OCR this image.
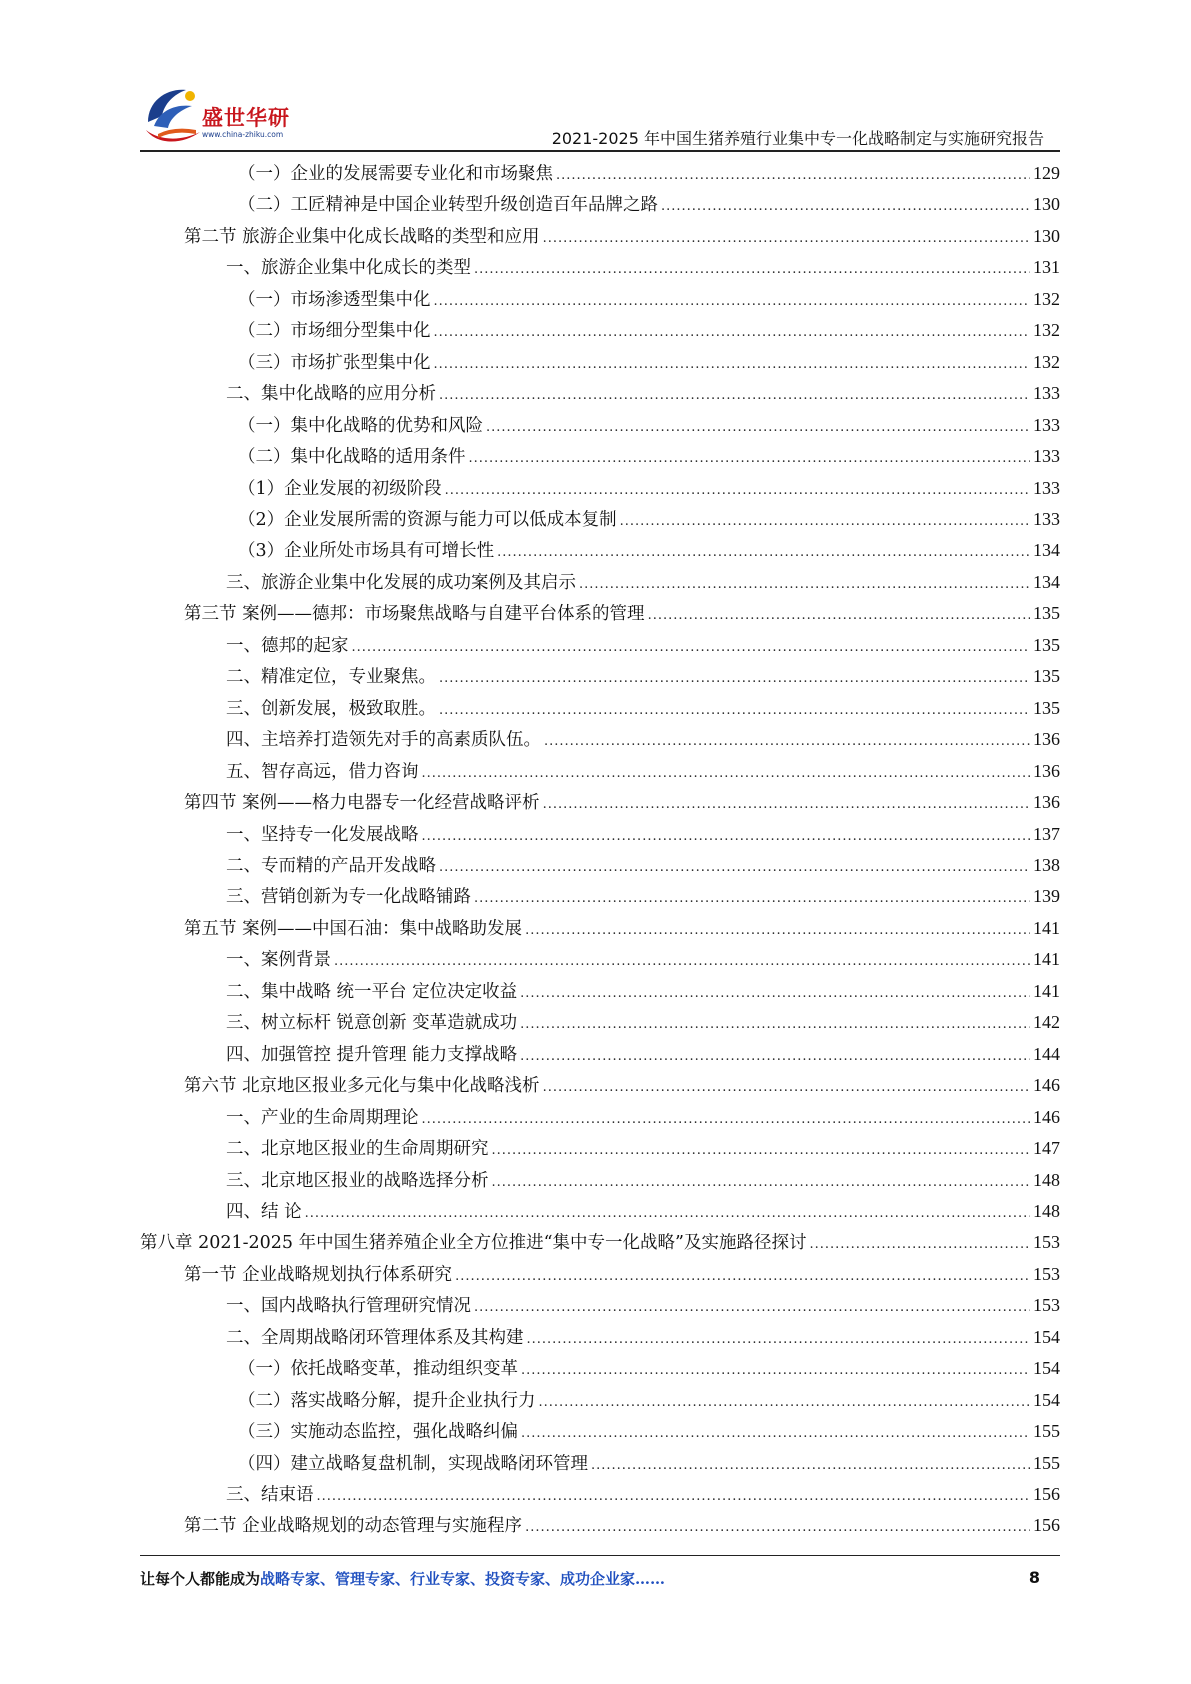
盛世华研
www.china-zhiku.com	2021-2025 年中国生猪养殖行业集中专一化战略制定与实施研究报告
（一）企业的发展需要专业化和市场聚焦 .....	129
（二）工匠精神是中国企业转型升级创造百年品牌之路 .....	130
第二节 旅游企业集中化成长战略的类型和应用 .....	130
一、旅游企业集中化成长的类型 .....	131
（一）市场渗透型集中化 .....	132
（二）市场细分型集中化 .....	132
（三）市场扩张型集中化 .....	132
二、集中化战略的应用分析 .....	133
（一）集中化战略的优势和风险 .....	133
（二）集中化战略的适用条件 .....	133
（1）企业发展的初级阶段 .....	133
（2）企业发展所需的资源与能力可以低成本复制 .....	133
（3）企业所处市场具有可增长性 .....	134
三、旅游企业集中化发展的成功案例及其启示 .....	134
第三节 案例——德邦：市场聚焦战略与自建平台体系的管理 .....	135
一、德邦的起家 .....	135
二、精准定位，专业聚焦。 .....	135
三、创新发展，极致取胜。 .....	135
四、主培养打造领先对手的高素质队伍。 .....	136
五、智存高远，借力咨询 .....	136
第四节 案例——格力电器专一化经营战略评析 .....	136
一、坚持专一化发展战略 .....	137
二、专而精的产品开发战略 .....	138
三、营销创新为专一化战略铺路 .....	139
第五节 案例——中国石油：集中战略助发展 .....	141
一、案例背景 .....	141
二、集中战略 统一平台 定位决定收益 .....	141
三、树立标杆 锐意创新 变革造就成功 .....	142
四、加强管控 提升管理 能力支撑战略 .....	144
第六节 北京地区报业多元化与集中化战略浅析 .....	146
一、产业的生命周期理论 .....	146
二、北京地区报业的生命周期研究 .....	147
三、北京地区报业的战略选择分析 .....	148
四、结 论 .....	148
第八章 2021-2025 年中国生猪养殖企业全方位推进“集中专一化战略”及实施路径探讨 .....	153
第一节 企业战略规划执行体系研究 .....	153
一、国内战略执行管理研究情况 .....	153
二、全周期战略闭环管理体系及其构建 .....	154
（一）依托战略变革，推动组织变革 .....	154
（二）落实战略分解，提升企业执行力 .....	154
（三）实施动态监控，强化战略纠偏 .....	155
（四）建立战略复盘机制，实现战略闭环管理 .....	155
三、结束语 .....	156
第二节 企业战略规划的动态管理与实施程序 .....	156
让每个人都能成为战略专家、管理专家、行业专家、投资专家、成功企业家……	8
